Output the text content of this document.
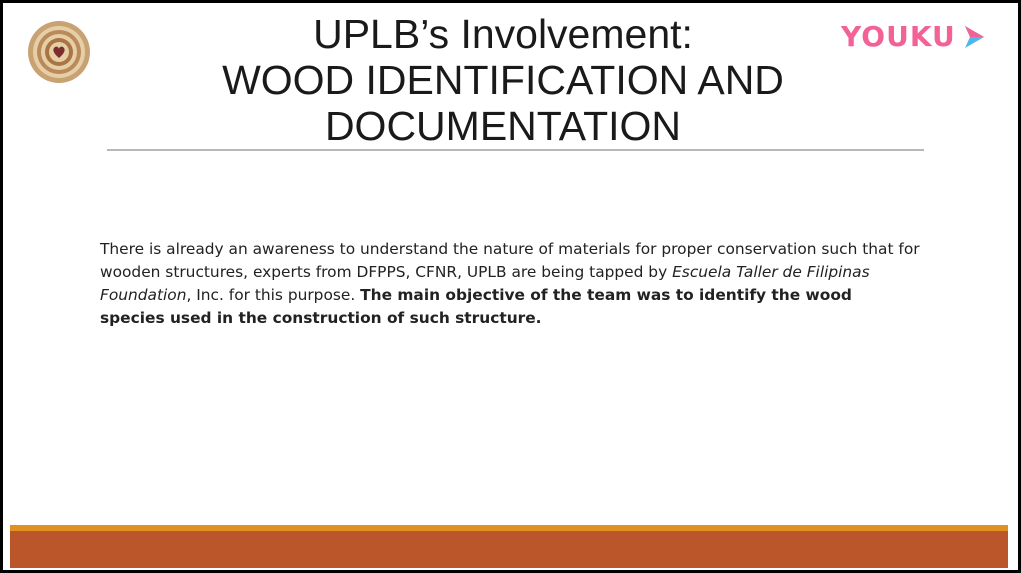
UPLB’s Involvement:
WOOD IDENTIFICATION AND
DOCUMENTATION
YOUKU
There is already an awareness to understand the nature of materials for proper conservation such that for wooden structures, experts from DFPPS, CFNR, UPLB are being tapped by Escuela Taller de Filipinas Foundation, Inc. for this purpose. The main objective of the team was to identify the wood species used in the construction of such structure.
